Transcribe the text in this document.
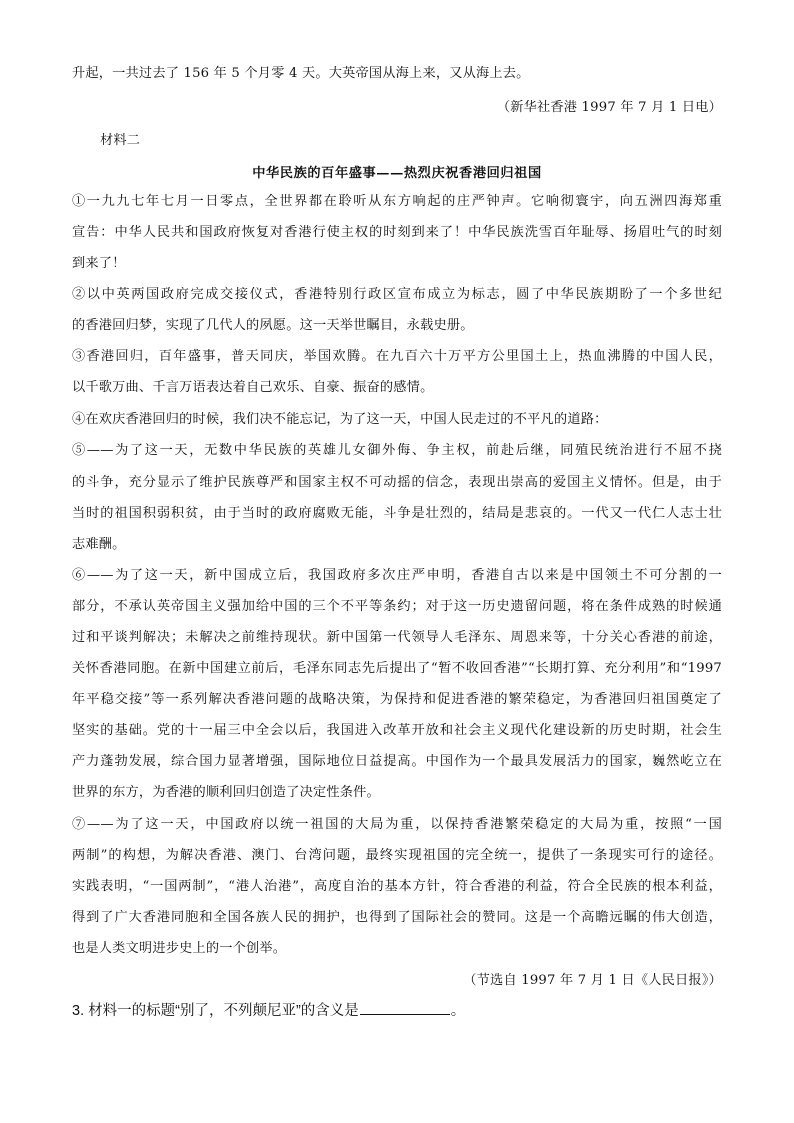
升起，一共过去了 156 年 5 个月零 4 天。大英帝国从海上来，又从海上去。
（新华社香港 1997 年 7 月 1 日电）
材料二
中华民族的百年盛事——热烈庆祝香港回归祖国
①一九九七年七月一日零点，全世界都在聆听从东方响起的庄严钟声。它响彻寰宇，向五洲四海郑重
宣告：中华人民共和国政府恢复对香港行使主权的时刻到来了！中华民族洗雪百年耻辱、扬眉吐气的时刻
到来了！
②以中英两国政府完成交接仪式，香港特别行政区宣布成立为标志，圆了中华民族期盼了一个多世纪
的香港回归梦，实现了几代人的夙愿。这一天举世瞩目，永载史册。
③香港回归，百年盛事，普天同庆，举国欢腾。在九百六十万平方公里国土上，热血沸腾的中国人民，
以千歌万曲、千言万语表达着自己欢乐、自豪、振奋的感情。
④在欢庆香港回归的时候，我们决不能忘记，为了这一天，中国人民走过的不平凡的道路：
⑤——为了这一天，无数中华民族的英雄儿女御外侮、争主权，前赴后继，同殖民统治进行不屈不挠
的斗争，充分显示了维护民族尊严和国家主权不可动摇的信念，表现出崇高的爱国主义情怀。但是，由于
当时的祖国积弱积贫，由于当时的政府腐败无能，斗争是壮烈的，结局是悲哀的。一代又一代仁人志士壮
志难酬。
⑥——为了这一天，新中国成立后，我国政府多次庄严申明，香港自古以来是中国领土不可分割的一
部分，不承认英帝国主义强加给中国的三个不平等条约；对于这一历史遗留问题，将在条件成熟的时候通
过和平谈判解决；未解决之前维持现状。新中国第一代领导人毛泽东、周恩来等，十分关心香港的前途，
关怀香港同胞。在新中国建立前后，毛泽东同志先后提出了“暂不收回香港”“长期打算、充分利用”和“1997
年平稳交接”等一系列解决香港问题的战略决策，为保持和促进香港的繁荣稳定，为香港回归祖国奠定了
坚实的基础。党的十一届三中全会以后，我国进入改革开放和社会主义现代化建设新的历史时期，社会生
产力蓬勃发展，综合国力显著增强，国际地位日益提高。中国作为一个最具发展活力的国家，巍然屹立在
世界的东方，为香港的顺利回归创造了决定性条件。
⑦——为了这一天，中国政府以统一祖国的大局为重，以保持香港繁荣稳定的大局为重，按照“一国
两制”的构想，为解决香港、澳门、台湾问题，最终实现祖国的完全统一，提供了一条现实可行的途径。
实践表明，“一国两制”，“港人治港”，高度自治的基本方针，符合香港的利益，符合全民族的根本利益，
得到了广大香港同胞和全国各族人民的拥护，也得到了国际社会的赞同。这是一个高瞻远瞩的伟大创造，
也是人类文明进步史上的一个创举。
（节选自 1997 年 7 月 1 日《人民日报》）
3. 材料一的标题“别了，不列颠尼亚”的含义是	。
